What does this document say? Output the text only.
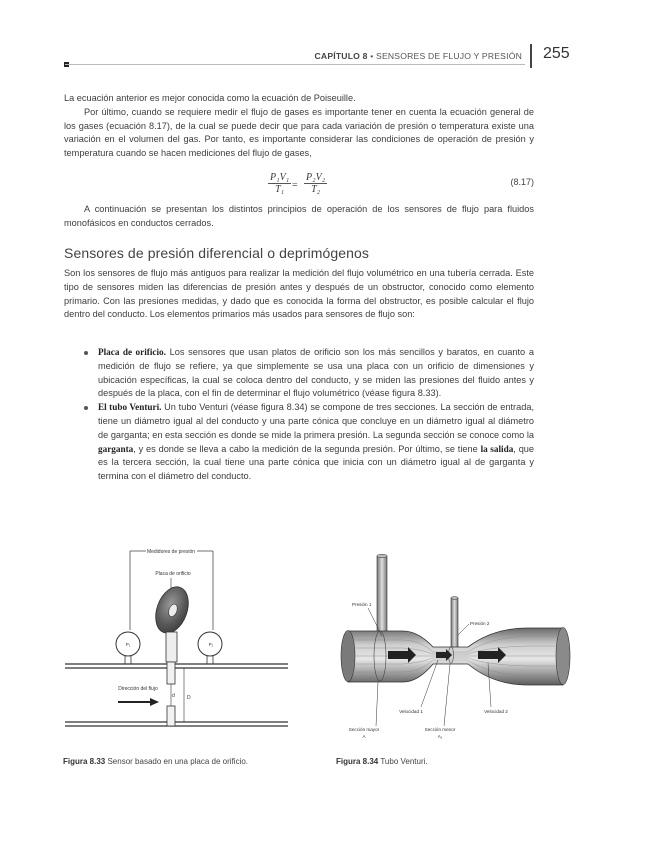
CAPÍTULO 8 • SENSORES DE FLUJO Y PRESIÓN 255

La ecuación anterior es mejor conocida como la ecuación de Poiseuille.

Por último, cuando se requiere medir el flujo de gases es importante tener en cuenta la ecuación general de los gases (ecuación 8.17), de la cual se puede decir que para cada variación de presión o temperatura existe una variación en el volumen del gas. Por tanto, es importante considerar las condiciones de operación de presión y temperatura cuando se hacen mediciones del flujo de gases,

$\frac{\text{P₁V₁}}{\text{T₁}} = \frac{\text{P₂V₂}}{\text{T₂}}$	(8.17)

A continuación se presentan los distintos principios de operación de los sensores de flujo para fluidos monofásicos en conductos cerrados.

Sensores de presión diferencial o deprimógenos

Son los sensores de flujo más antiguos para realizar la medición del flujo volumétrico en una tubería cerrada. Este tipo de sensores miden las diferencias de presión antes y después de un obstructor, conocido como elemento primario. Con las presiones medidas, y dado que es conocida la forma del obstructor, es posible calcular el flujo dentro del conducto. Los elementos primarios más usados para sensores de flujo son:

Placa de orificio. Los sensores que usan platos de orificio son los más sencillos y baratos, en cuanto a medición de flujo se refiere, ya que simplemente se usa una placa con un orificio de dimensiones y ubicación específicas, la cual se coloca dentro del conducto, y se miden las presiones del fluido antes y después de la placa, con el fin de determinar el flujo volumétrico (véase figura 8.33).

El tubo Venturi. Un tubo Venturi (véase figura 8.34) se compone de tres secciones. La sección de entrada, tiene un diámetro igual al del conducto y una parte cónica que concluye en un diámetro igual al diámetro de garganta; en esta sección es donde se mide la primera presión. La segunda sección se conoce como la garganta, y es donde se lleva a cabo la medición de la segunda presión. Por último, se tiene la salida, que es la tercera sección, la cual tiene una parte cónica que inicia con un diámetro igual al de garganta y termina con el diámetro del conducto.

Medidores de presión
Placa de orificio
P₁	P₂
d D
Dirección del flujo
Figura 8.33 Sensor basado en una placa de orificio.
Presión 1
Presión 2
Velocidad 1	Velocidad 2
Sección mayor
A
Sección menor
A₁
Figura 8.34 Tubo Venturi.
